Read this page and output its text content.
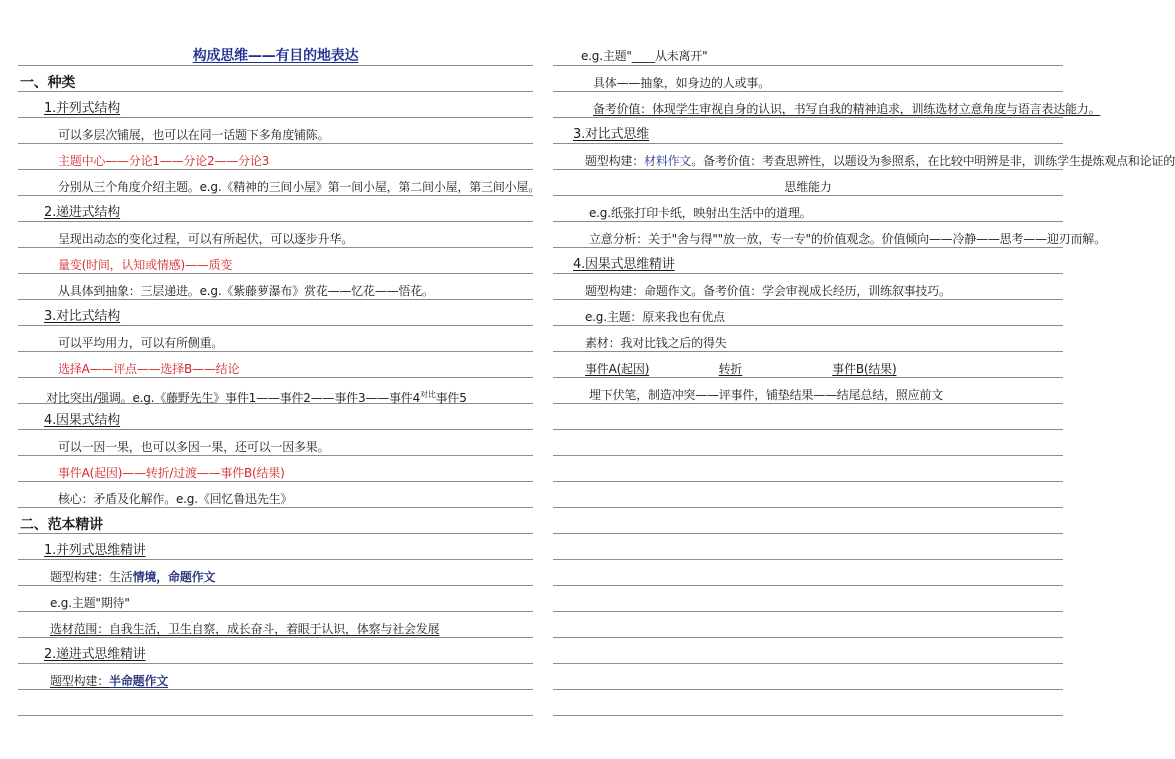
构成思维——有目的地表达
一、种类
1.并列式结构
可以多层次铺展，也可以在同一话题下多角度铺陈。
主题中心——分论1——分论2——分论3
分别从三个角度介绍主题。e.g.《精神的三间小屋》第一间小屋，第二间小屋，第三间小屋。
2.递进式结构
呈现出动态的变化过程，可以有所起伏，可以逐步升华。
量变(时间，认知或情感)——质变
从具体到抽象：三层递进。e.g.《紫藤萝瀑布》赏花——忆花——悟花。
3.对比式结构
可以平均用力，可以有所侧重。
选择A——评点——选择B——结论
对比突出/强调。e.g.《藤野先生》事件1——事件2——事件3——事件4对比事件5
4.因果式结构
可以一因一果，也可以多因一果，还可以一因多果。
事件A(起因)——转折/过渡——事件B(结果)
核心：矛盾及化解作。e.g.《回忆鲁迅先生》
二、范本精讲
1.并列式思维精讲
题型构建：生活情境，命题作文
e.g.主题"期待"
选材范围：自我生活，卫生自察，成长奋斗，着眼于认识，体察与社会发展
2.递进式思维精讲
题型构建：半命题作文
e.g.主题"____从未离开"
具体——抽象，如身边的人或事。
备考价值：体现学生审视自身的认识，书写自我的精神追求，训练选材立意角度与语言表达能力。
3.对比式思维
题型构建：材料作文。备考价值：考查思辨性，以题设为参照系，在比较中明辨是非，训练学生提炼观点和论证的
思维能力
e.g.纸张打印卡纸，映射出生活中的道理。
立意分析：关于"舍与得""放一放，专一专"的价值观念。价值倾向——冷静——思考——迎刃而解。
4.因果式思维精讲
题型构建：命题作文。备考价值：学会审视成长经历，训练叙事技巧。
e.g.主题：原来我也有优点
素材：我对比钱之后的得失
事件A(起因)	转折	事件B(结果)
埋下伏笔，制造冲突——评事件，铺垫结果——结尾总结，照应前文
